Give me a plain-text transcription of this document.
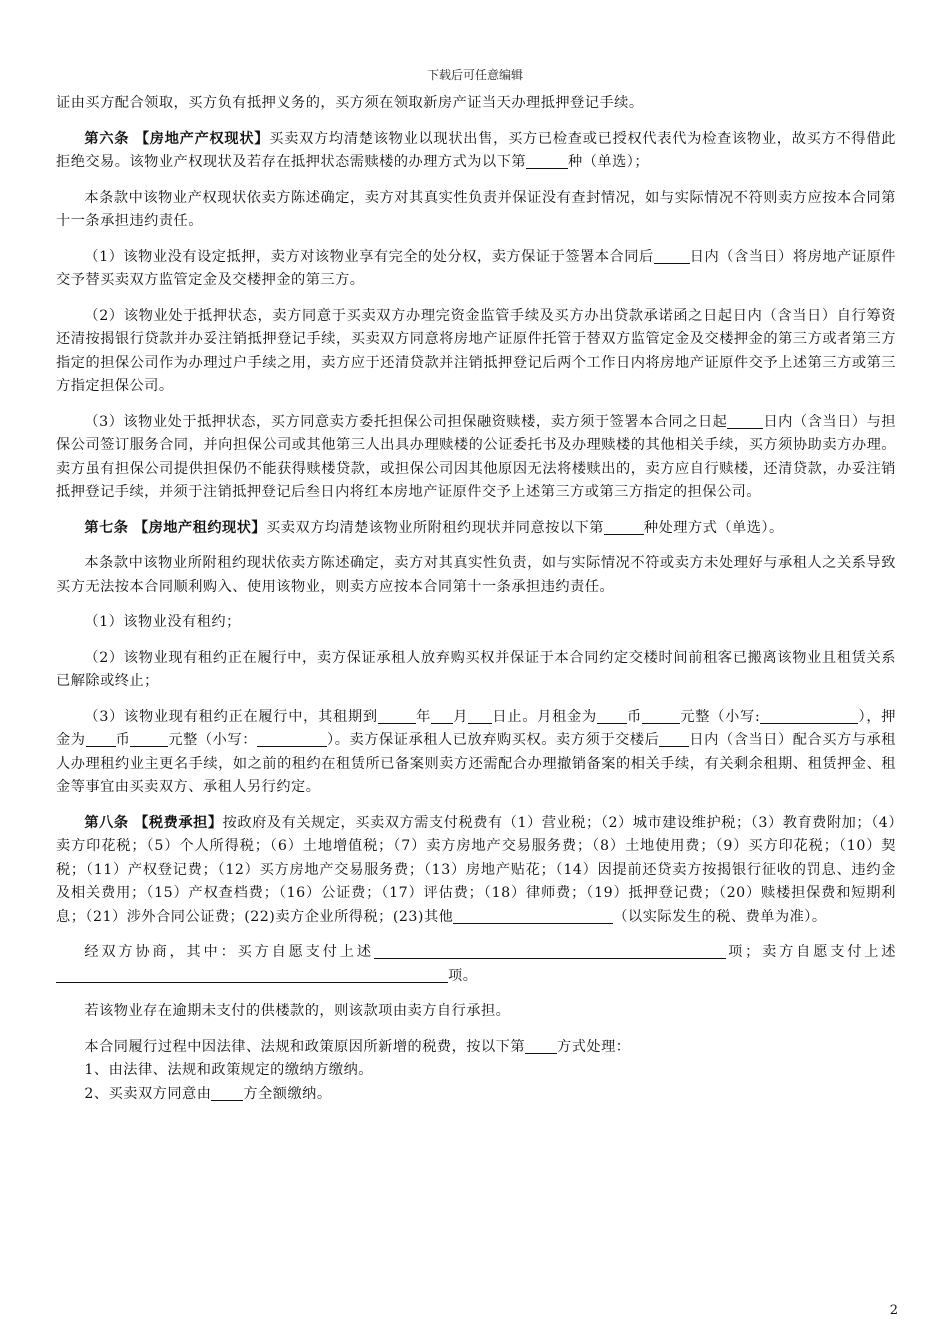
下载后可任意编辑

证由买方配合领取，买方负有抵押义务的，买方须在领取新房产证当天办理抵押登记手续。

第六条 【房地产产权现状】买卖双方均清楚该物业以现状出售，买方已检查或已授权代表代为检查该物业，故买方不得借此拒绝交易。该物业产权现状及若存在抵押状态需赎楼的办理方式为以下第	种（单选）；

本条款中该物业产权现状依卖方陈述确定，卖方对其真实性负责并保证没有查封情况，如与实际情况不符则卖方应按本合同第十一条承担违约责任。

（1）该物业没有设定抵押，卖方对该物业享有完全的处分权，卖方保证于签署本合同后	日内（含当日）将房地产证原件交予替买卖双方监管定金及交楼押金的第三方。

（2）该物业处于抵押状态，卖方同意于买卖双方办理完资金监管手续及买方办出贷款承诺函之日起日内（含当日）自行筹资还清按揭银行贷款并办妥注销抵押登记手续，买卖双方同意将房地产证原件托管于替双方监管定金及交楼押金的第三方或者第三方指定的担保公司作为办理过户手续之用，卖方应于还清贷款并注销抵押登记后两个工作日内将房地产证原件交予上述第三方或第三方指定担保公司。

（3）该物业处于抵押状态，买方同意卖方委托担保公司担保融资赎楼，卖方须于签署本合同之日起	日内（含当日）与担保公司签订服务合同，并向担保公司或其他第三人出具办理赎楼的公证委托书及办理赎楼的其他相关手续，买方须协助卖方办理。卖方虽有担保公司提供担保仍不能获得赎楼贷款，或担保公司因其他原因无法将楼赎出的，卖方应自行赎楼，还清贷款，办妥注销抵押登记手续，并须于注销抵押登记后叁日内将红本房地产证原件交予上述第三方或第三方指定的担保公司。

第七条 【房地产租约现状】买卖双方均清楚该物业所附租约现状并同意按以下第	种处理方式（单选）。

本条款中该物业所附租约现状依卖方陈述确定，卖方对其真实性负责，如与实际情况不符或卖方未处理好与承租人之关系导致买方无法按本合同顺利购入、使用该物业，则卖方应按本合同第十一条承担违约责任。

（1）该物业没有租约；

（2）该物业现有租约正在履行中，卖方保证承租人放弃购买权并保证于本合同约定交楼时间前租客已搬离该物业且租赁关系已解除或终止；

（3）该物业现有租约正在履行中，其租期到	年 月 日止。月租金为 币	元整（小写:	），押金为 币	元整（小写：	）。卖方保证承租人已放弃购买权。卖方须于交楼后 日内（含当日）配合买方与承租人办理租约业主更名手续，如之前的租约在租赁所已备案则卖方还需配合办理撤销备案的相关手续，有关剩余租期、租赁押金、租金等事宜由买卖双方、承租人另行约定。

第八条 【税费承担】按政府及有关规定，买卖双方需支付税费有（1）营业税；（2）城市建设维护税；（3）教育费附加；（4）卖方印花税；（5）个人所得税；（6）土地增值税；（7）卖方房地产交易服务费；（8）土地使用费；（9）买方印花税；（10）契税；（11）产权登记费；（12）买方房地产交易服务费；（13）房地产贴花；（14）因提前还贷卖方按揭银行征收的罚息、违约金及相关费用；（15）产权查档费；（16）公证费；（17）评估费；（18）律师费；（19）抵押登记费；（20）赎楼担保费和短期利息；（21）涉外合同公证费；(22)卖方企业所得税；(23)其他	（以实际发生的税、费单为准）。

经双方协商，其中：买方自愿支付上述	项；卖方自愿支付上述项。

若该物业存在逾期未支付的供楼款的，则该款项由卖方自行承担。

本合同履行过程中因法律、法规和政策原因所新增的税费，按以下第 方式处理：

1、由法律、法规和政策规定的缴纳方缴纳。

2、买卖双方同意由 方全额缴纳。

2
